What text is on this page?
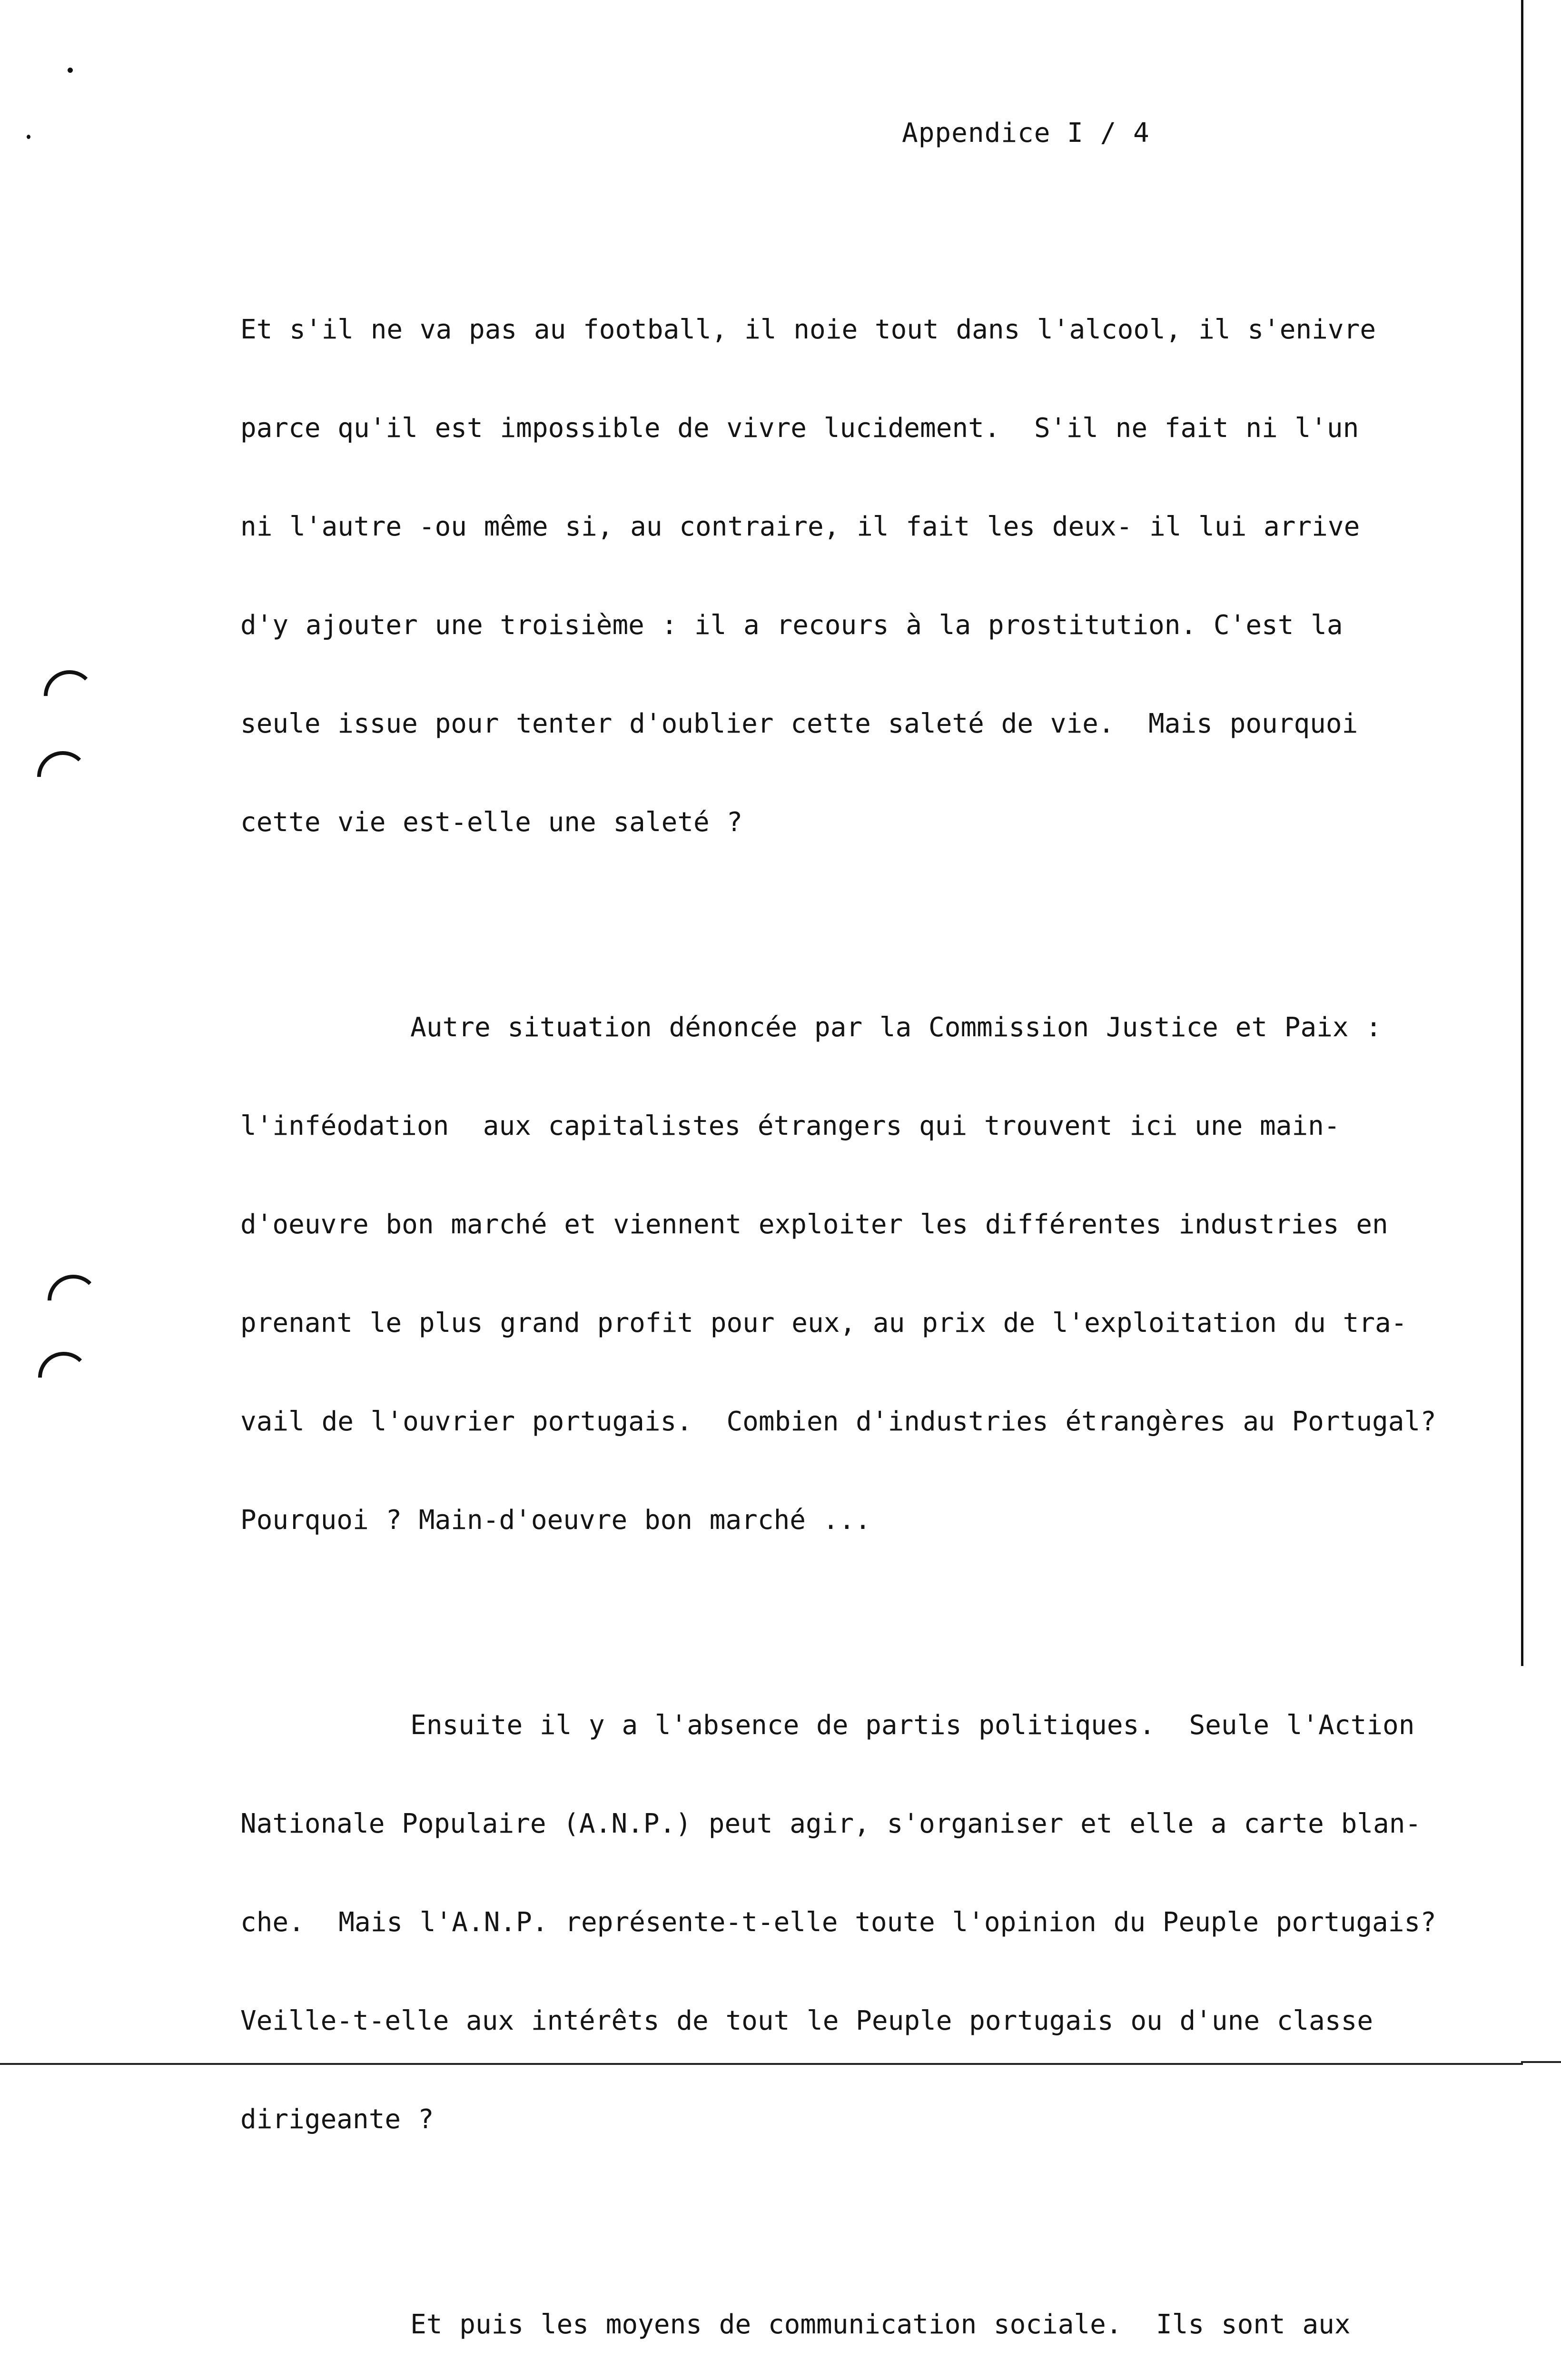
Appendice I / 4

Et s'il ne va pas au football, il noie tout dans l'alcool, il s'enivre

parce qu'il est impossible de vivre lucidement.  S'il ne fait ni l'un

ni l'autre -ou même si, au contraire, il fait les deux- il lui arrive

d'y ajouter une troisième : il a recours à la prostitution. C'est la

seule issue pour tenter d'oublier cette saleté de vie.  Mais pourquoi

cette vie est-elle une saleté ?

Autre situation dénoncée par la Commission Justice et Paix :

l'inféodation  aux capitalistes étrangers qui trouvent ici une main-

d'oeuvre bon marché et viennent exploiter les différentes industries en

prenant le plus grand profit pour eux, au prix de l'exploitation du tra-

vail de l'ouvrier portugais.  Combien d'industries étrangères au Portugal?

Pourquoi ? Main-d'oeuvre bon marché ...

Ensuite il y a l'absence de partis politiques.  Seule l'Action

Nationale Populaire (A.N.P.) peut agir, s'organiser et elle a carte blan-

che.  Mais l'A.N.P. représente-t-elle toute l'opinion du Peuple portugais?

Veille-t-elle aux intérêts de tout le Peuple portugais ou d'une classe

dirigeante ?

Et puis les moyens de communication sociale.  Ils sont aux
